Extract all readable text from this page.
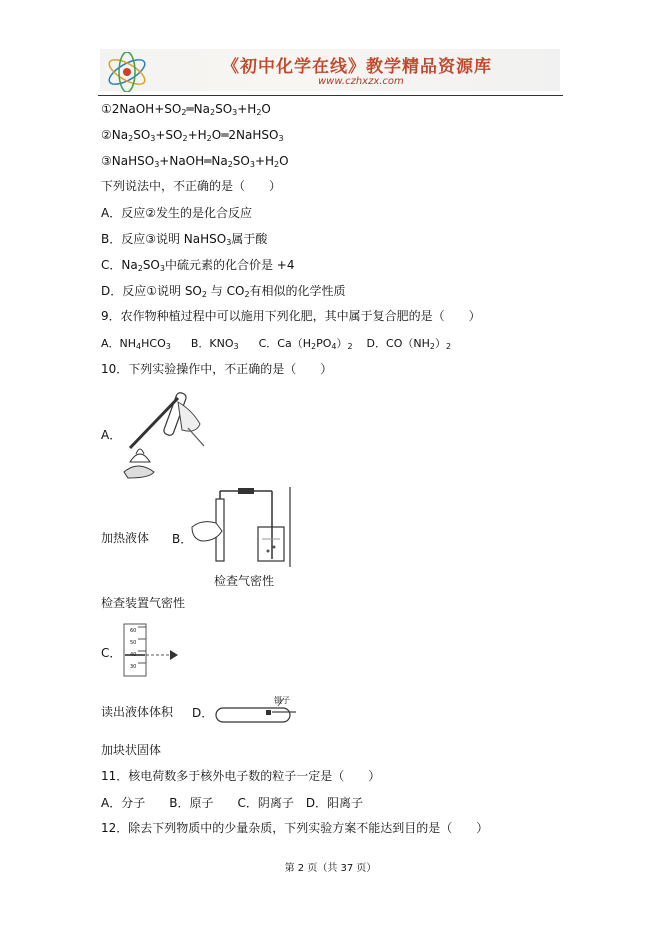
《初中化学在线》教学精品资源库
www.czhxzx.com
$①2NaOH+SO_2═Na_2SO_3+H_2O$
$②Na_2SO_3+SO_2+H_2O═2NaHSO_3$
$③NaHSO_3+NaOH═Na_2SO_3+H_2O$
下列说法中，不正确的是（　　）
A．反应②发生的是化合反应
B．反应③说明 NaHSO$_3$属于酸
C．$Na_2SO_3$中硫元素的化合价是 +4
D．反应①说明 $SO_2$ 与 $CO_2$有相似的化学性质
9．农作物种植过程中可以施用下列化肥，其中属于复合肥的是（　　）
A．$NH_4HCO_3$ B．$KNO_3$ C．$Ca(H_2PO_4)_2$ D．$CO(NH_2)_2$
10．下列实验操作中，不正确的是（　　）
A．
加热液体 B．
检查气密性
检查装置气密性
C．
60
50
40
30
读出液体体积 D．
镊子
加块状固体
11．核电荷数多于核外电子数的粒子一定是（　　）
A．分子　　B．原子　　C．阴离子　D．阳离子
12．除去下列物质中的少量杂质，下列实验方案不能达到目的是（　　）
第 2 页（共 37 页）
